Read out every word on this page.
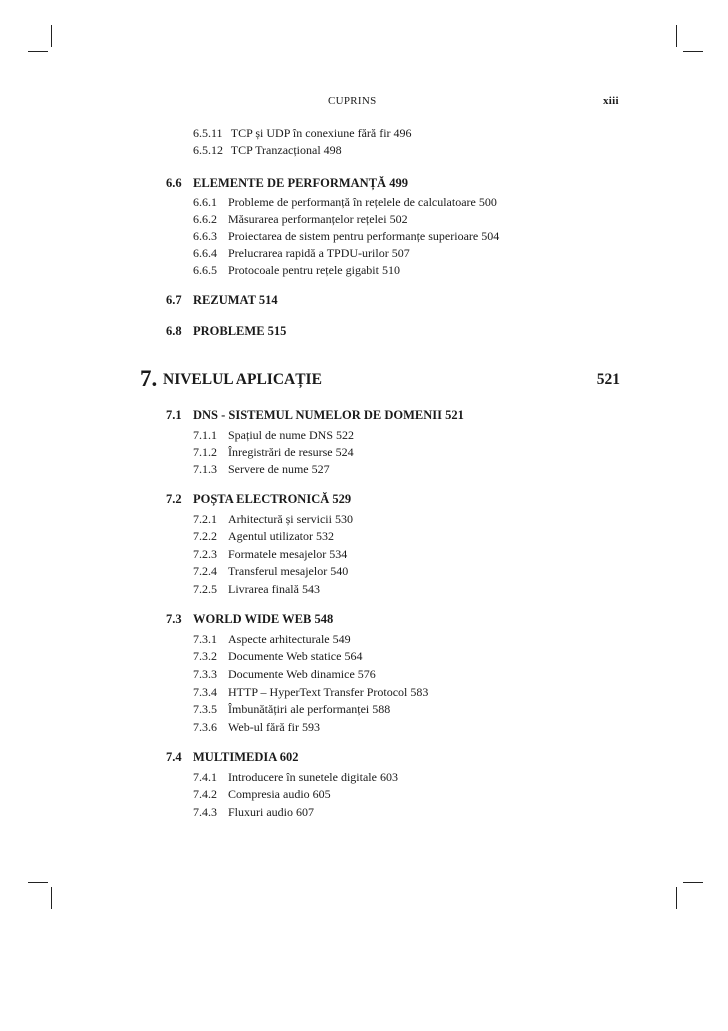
CUPRINS	xiii
6.5.11 TCP și UDP în conexiune fără fir 496
6.5.12 TCP Tranzacțional 498
6.6 ELEMENTE DE PERFORMANȚĂ 499
6.6.1 Probleme de performanță în rețelele de calculatoare 500
6.6.2 Măsurarea performanțelor rețelei 502
6.6.3 Proiectarea de sistem pentru performanțe superioare 504
6.6.4 Prelucrarea rapidă a TPDU-urilor 507
6.6.5 Protocoale pentru rețele gigabit 510
6.7 REZUMAT 514
6.8 PROBLEME 515
7. NIVELUL APLICAȚIE	521
7.1 DNS - SISTEMUL NUMELOR DE DOMENII 521
7.1.1 Spațiul de nume DNS 522
7.1.2 Înregistrări de resurse 524
7.1.3 Servere de nume 527
7.2 POȘTA ELECTRONICĂ 529
7.2.1 Arhitectură și servicii 530
7.2.2 Agentul utilizator 532
7.2.3 Formatele mesajelor 534
7.2.4 Transferul mesajelor 540
7.2.5 Livrarea finală 543
7.3 WORLD WIDE WEB 548
7.3.1 Aspecte arhitecturale 549
7.3.2 Documente Web statice 564
7.3.3 Documente Web dinamice 576
7.3.4 HTTP – HyperText Transfer Protocol 583
7.3.5 Îmbunătățiri ale performanței 588
7.3.6 Web-ul fără fir 593
7.4 MULTIMEDIA 602
7.4.1 Introducere în sunetele digitale 603
7.4.2 Compresia audio 605
7.4.3 Fluxuri audio 607
